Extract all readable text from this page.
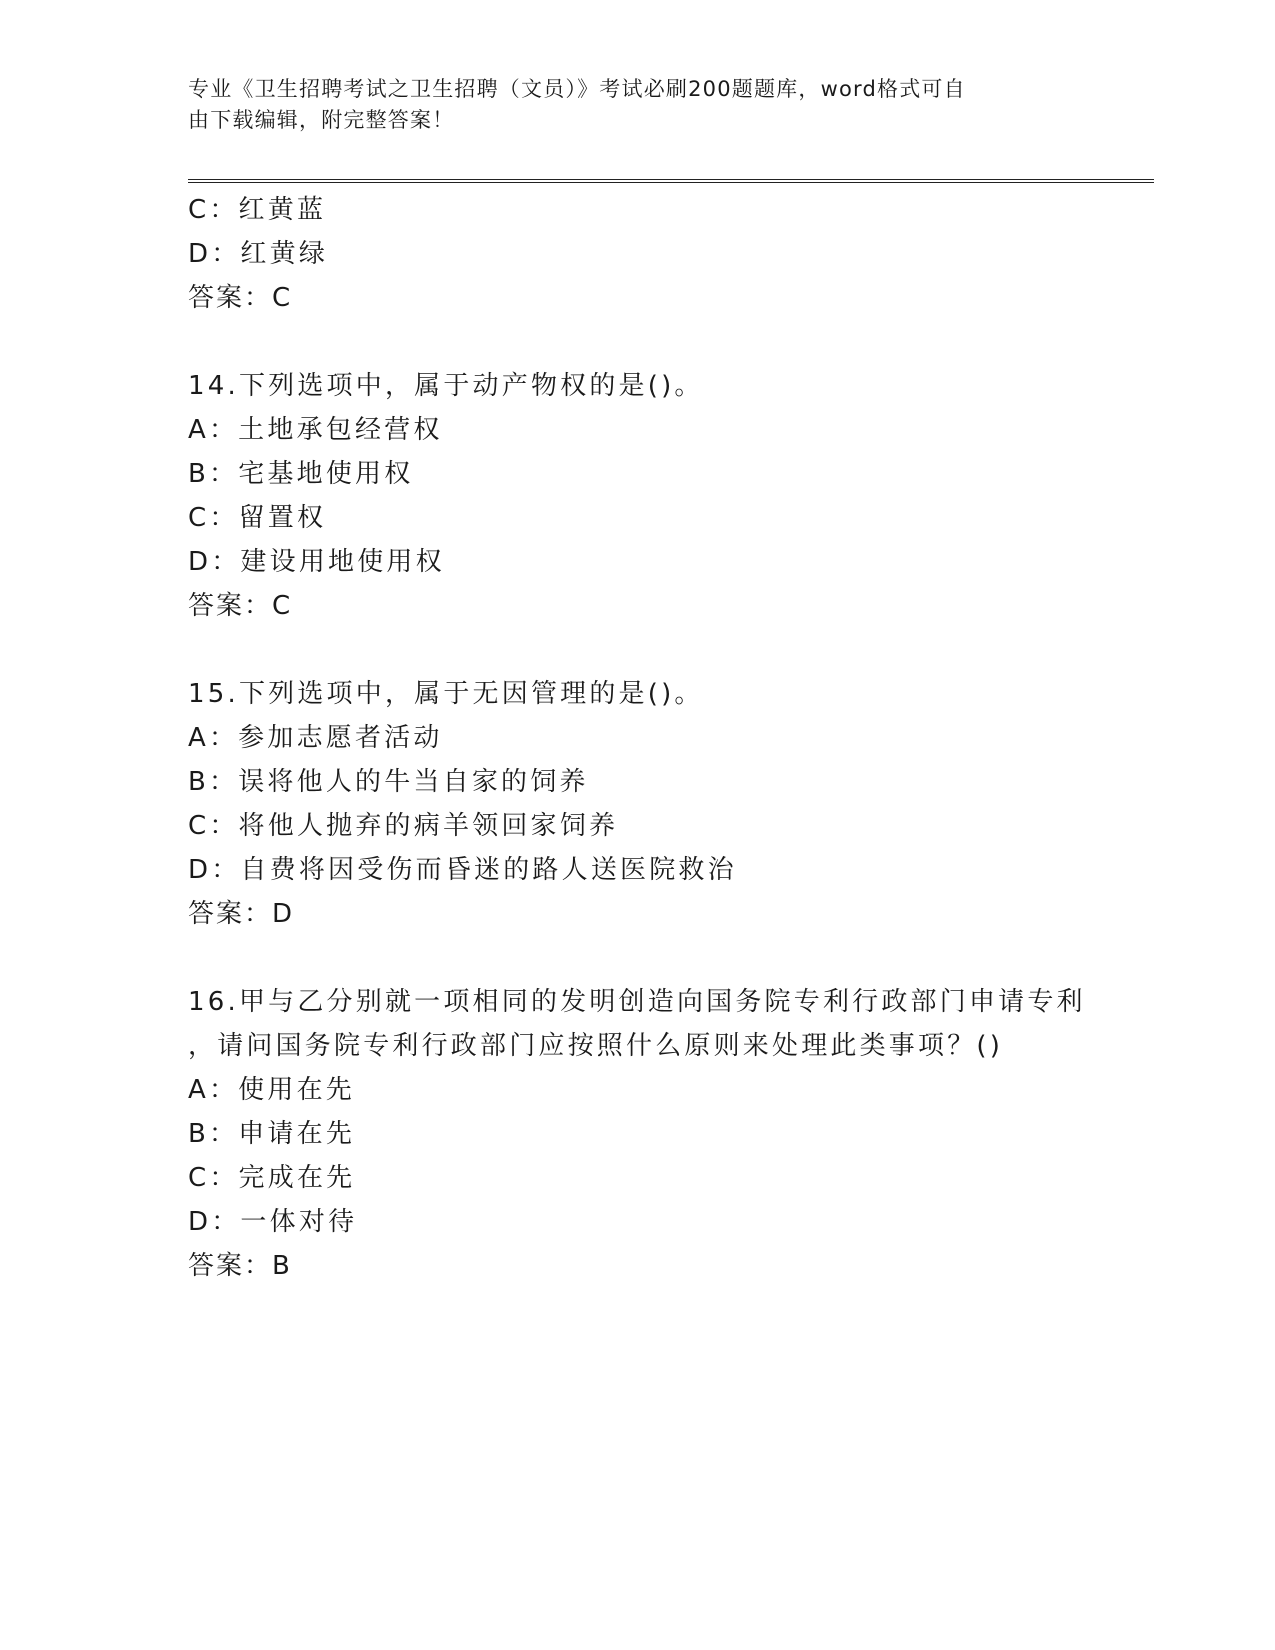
专业《卫生招聘考试之卫生招聘（文员）》考试必刷200题题库，word格式可自
由下载编辑，附完整答案！
C：红黄蓝
D：红黄绿
答案：C
14.下列选项中，属于动产物权的是()。
A：土地承包经营权
B：宅基地使用权
C：留置权
D：建设用地使用权
答案：C
15.下列选项中，属于无因管理的是()。
A：参加志愿者活动
B：误将他人的牛当自家的饲养
C：将他人抛弃的病羊领回家饲养
D：自费将因受伤而昏迷的路人送医院救治
答案：D
16.甲与乙分别就一项相同的发明创造向国务院专利行政部门申请专利
，请问国务院专利行政部门应按照什么原则来处理此类事项？()
A：使用在先
B：申请在先
C：完成在先
D：一体对待
答案：B
